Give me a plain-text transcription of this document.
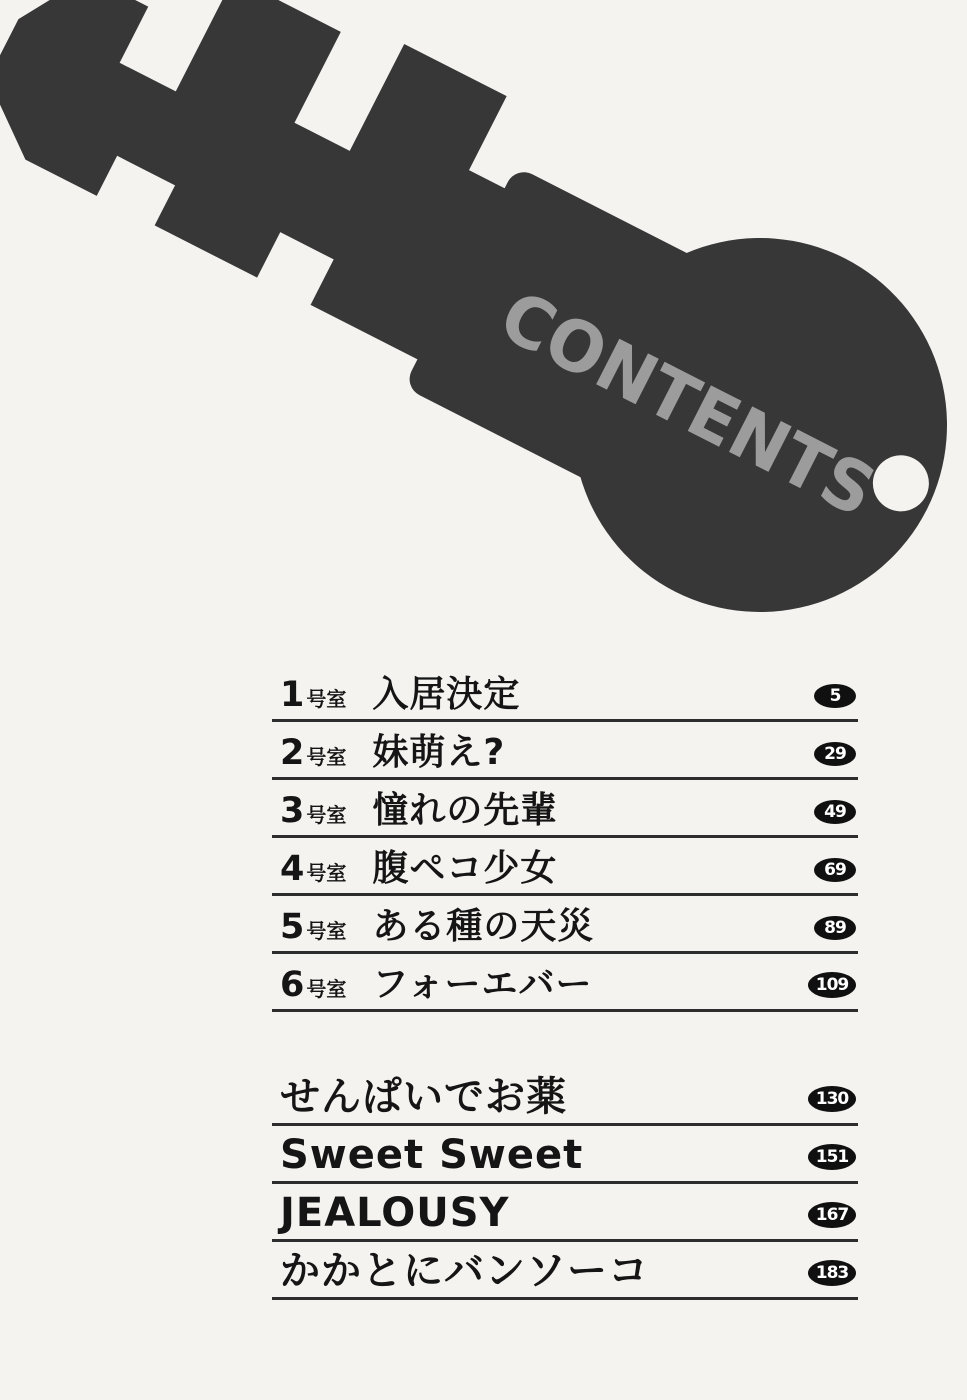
CONTENTS
1 号室 入居決定	5
2 号室 妹萌え?	29
3 号室 憧れの先輩	49
4 号室 腹ペコ少女	69
5 号室 ある種の天災	89
6 号室 フォーエバー	109
せんぱいでお薬	130
Sweet Sweet	151
JEALOUSY	167
かかとにバンソーコ	183
